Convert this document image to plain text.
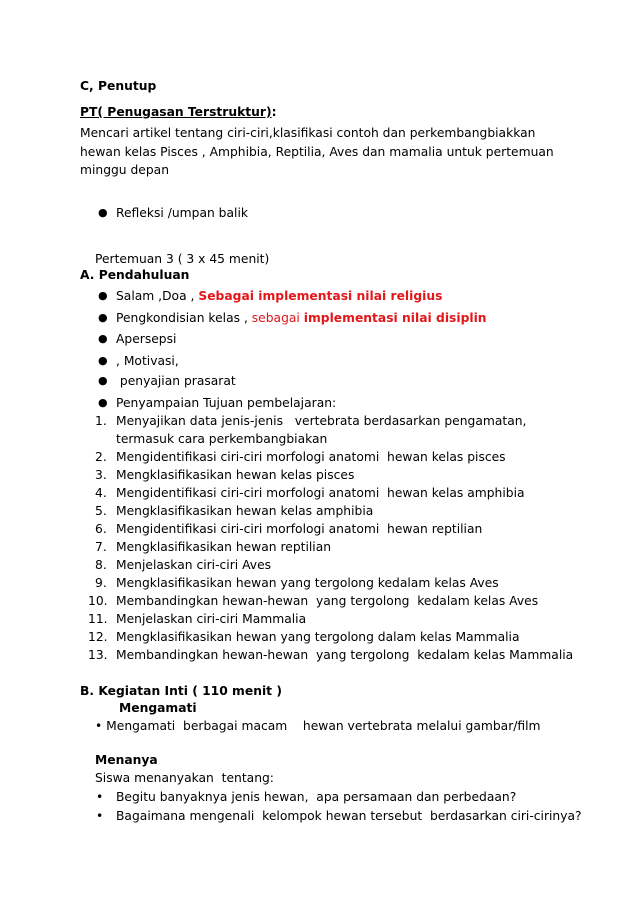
C, Penutup
PT( Penugasan Terstruktur):
Mencari artikel tentang ciri-ciri,klasifikasi contoh dan perkembangbiakkan
hewan kelas Pisces , Amphibia, Reptilia, Aves dan mamalia untuk pertemuan
minggu depan
● Refleksi /umpan balik
Pertemuan 3 ( 3 x 45 menit)
A. Pendahuluan
● Salam ,Doa , Sebagai implementasi nilai religius
● Pengkondisian kelas , sebagai implementasi nilai disiplin
● Apersepsi
● , Motivasi,
● penyajian prasarat
● Penyampaian Tujuan pembelajaran:
1. Menyajikan data jenis-jenis   vertebrata berdasarkan pengamatan,
termasuk cara perkembangbiakan
2. Mengidentifikasi ciri-ciri morfologi anatomi  hewan kelas pisces
3. Mengklasifikasikan hewan kelas pisces
4. Mengidentifikasi ciri-ciri morfologi anatomi  hewan kelas amphibia
5. Mengklasifikasikan hewan kelas amphibia
6. Mengidentifikasi ciri-ciri morfologi anatomi  hewan reptilian
7. Mengklasifikasikan hewan reptilian
8. Menjelaskan ciri-ciri Aves
9. Mengklasifikasikan hewan yang tergolong kedalam kelas Aves
10. Membandingkan hewan-hewan  yang tergolong  kedalam kelas Aves
11. Menjelaskan ciri-ciri Mammalia
12. Mengklasifikasikan hewan yang tergolong dalam kelas Mammalia
13. Membandingkan hewan-hewan  yang tergolong  kedalam kelas Mammalia
B. Kegiatan Inti ( 110 menit )
Mengamati
• Mengamati  berbagai macam    hewan vertebrata melalui gambar/film
Menanya
Siswa menanyakan  tentang:
• Begitu banyaknya jenis hewan,  apa persamaan dan perbedaan?
• Bagaimana mengenali  kelompok hewan tersebut  berdasarkan ciri-cirinya?
